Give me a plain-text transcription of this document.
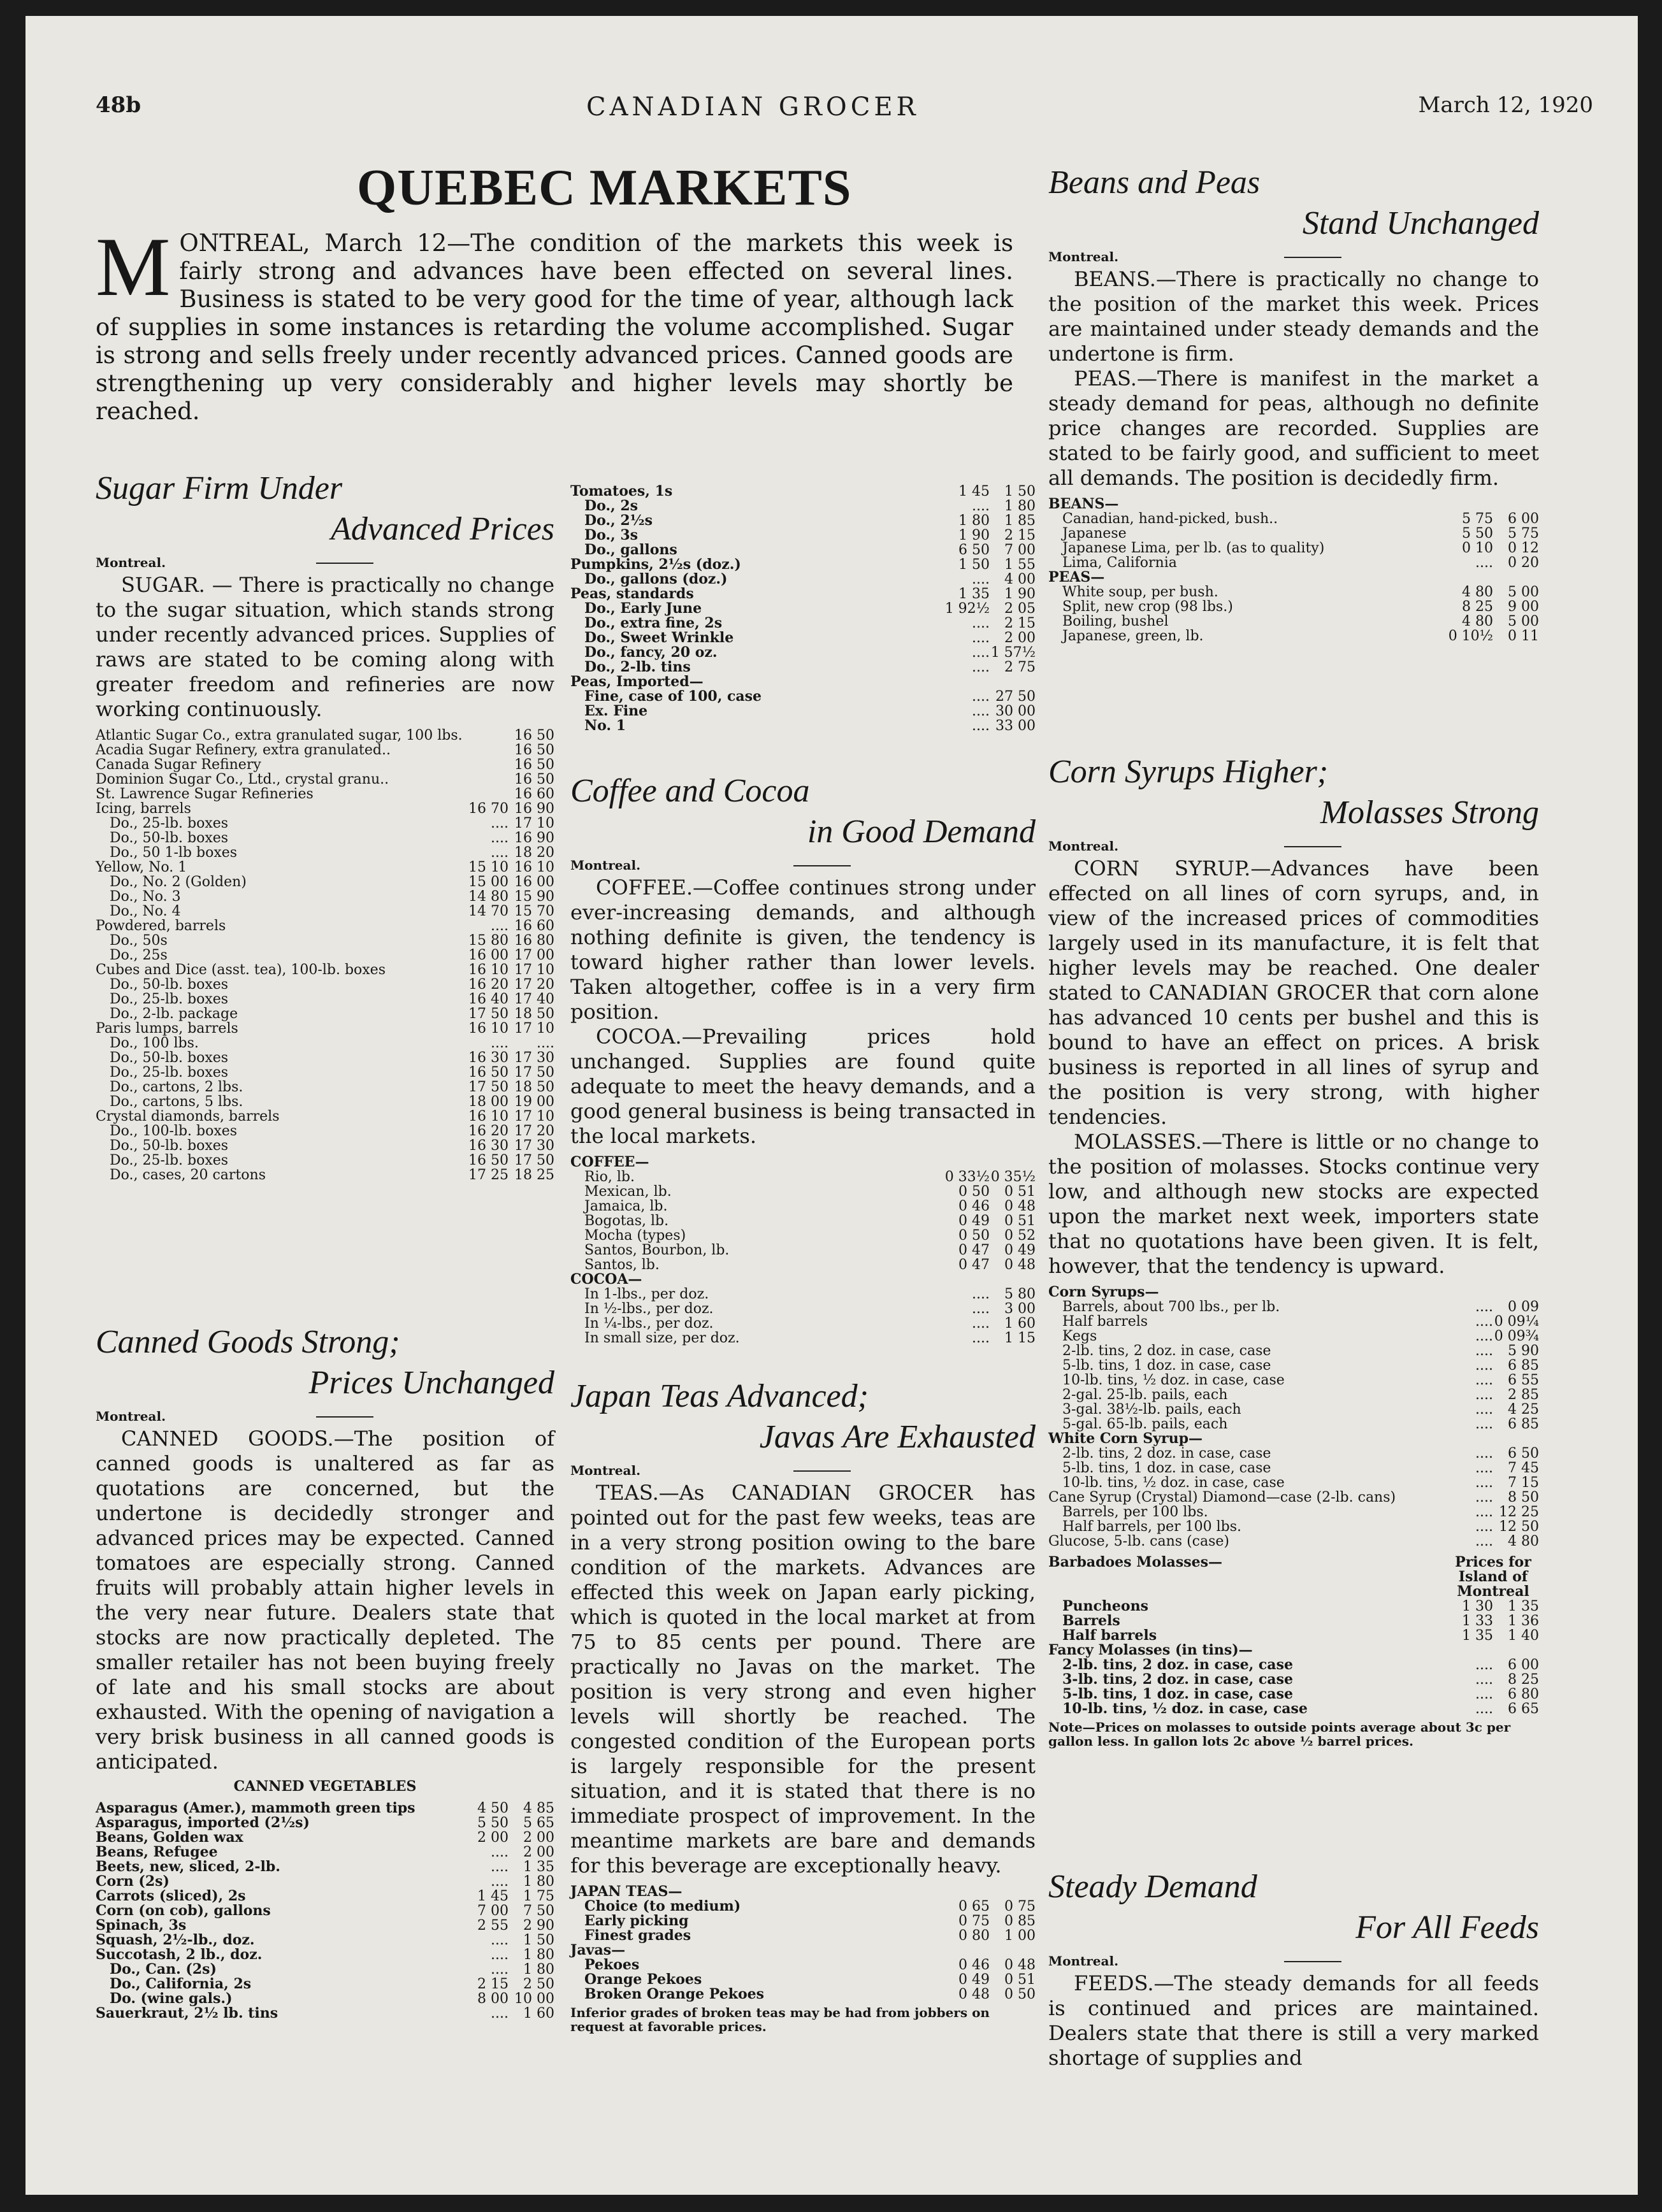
48b	CANADIAN GROCER	March 12, 1920
QUEBEC MARKETS
MONTREAL, March 12—The condition of the markets this week is fairly strong and advances have been effected on several lines. Business is stated to be very good for the time of year, although lack of supplies in some instances is retarding the volume accomplished. Sugar is strong and sells freely under recently advanced prices. Canned goods are strengthening up very considerably and higher levels may shortly be reached.
Sugar Firm Under
Advanced Prices
Montreal.

SUGAR. — There is practically no change to the sugar situation, which stands strong under recently advanced prices. Supplies of raws are stated to be coming along with greater freedom and refineries are now working continuously.

Atlantic Sugar Co., extra granulated sugar, 100 lbs.		16 50
Acadia Sugar Refinery, extra granulated..		16 50
Canada Sugar Refinery		16 50
Dominion Sugar Co., Ltd., crystal granu..		16 50
St. Lawrence Sugar Refineries		16 60
Icing, barrels	16 70	16 90
Do., 25-lb. boxes	....	17 10
Do., 50-lb. boxes	....	16 90
Do., 50 1-lb boxes	....	18 20
Yellow, No. 1	15 10	16 10
Do., No. 2 (Golden)	15 00	16 00
Do., No. 3	14 80	15 90
Do., No. 4	14 70	15 70
Powdered, barrels	....	16 60
Do., 50s	15 80	16 80
Do., 25s	16 00	17 00
Cubes and Dice (asst. tea), 100-lb. boxes	16 10	17 10
Do., 50-lb. boxes	16 20	17 20
Do., 25-lb. boxes	16 40	17 40
Do., 2-lb. package	17 50	18 50
Paris lumps, barrels	16 10	17 10
Do., 100 lbs.	....	....
Do., 50-lb. boxes	16 30	17 30
Do., 25-lb. boxes	16 50	17 50
Do., cartons, 2 lbs.	17 50	18 50
Do., cartons, 5 lbs.	18 00	19 00
Crystal diamonds, barrels	16 10	17 10
Do., 100-lb. boxes	16 20	17 20
Do., 50-lb. boxes	16 30	17 30
Do., 25-lb. boxes	16 50	17 50
Do., cases, 20 cartons	17 25	18 25
Canned Goods Strong;
Prices Unchanged
Montreal.

CANNED GOODS.—The position of canned goods is unaltered as far as quotations are concerned, but the undertone is decidedly stronger and advanced prices may be expected. Canned tomatoes are especially strong. Canned fruits will probably attain higher levels in the very near future. Dealers state that stocks are now practically depleted. The smaller retailer has not been buying freely of late and his small stocks are about exhausted. With the opening of navigation a very brisk business in all canned goods is anticipated.

CANNED VEGETABLES
Asparagus (Amer.), mammoth green tips	4 50	4 85
Asparagus, imported (2½s)	5 50	5 65
Beans, Golden wax	2 00	2 00
Beans, Refugee	....	2 00
Beets, new, sliced, 2-lb.	....	1 35
Corn (2s)	....	1 80
Carrots (sliced), 2s	1 45	1 75
Corn (on cob), gallons	7 00	7 50
Spinach, 3s	2 55	2 90
Squash, 2½-lb., doz.	....	1 50
Succotash, 2 lb., doz.	....	1 80
Do., Can. (2s)	....	1 80
Do., California, 2s	2 15	2 50
Do. (wine gals.)	8 00	10 00
Sauerkraut, 2½ lb. tins	....	1 60
Tomatoes, 1s	1 45	1 50
Do., 2s	....	1 80
Do., 2½s	1 80	1 85
Do., 3s	1 90	2 15
Do., gallons	6 50	7 00
Pumpkins, 2½s (doz.)	1 50	1 55
Do., gallons (doz.)	....	4 00
Peas, standards	1 35	1 90
Do., Early June	1 92½	2 05
Do., extra fine, 2s	....	2 15
Do., Sweet Wrinkle	....	2 00
Do., fancy, 20 oz.	....	1 57½
Do., 2-lb. tins	....	2 75
Peas, Imported—		
Fine, case of 100, case	....	27 50
Ex. Fine	....	30 00
No. 1	....	33 00
Coffee and Cocoa
in Good Demand
Montreal.

COFFEE.—Coffee continues strong under ever-increasing demands, and although nothing definite is given, the tendency is toward higher rather than lower levels. Taken altogether, coffee is in a very firm position.

COCOA.—Prevailing prices hold unchanged. Supplies are found quite adequate to meet the heavy demands, and a good general business is being transacted in the local markets.

COFFEE—		
Rio, lb.	0 33½	0 35½
Mexican, lb.	0 50	0 51
Jamaica, lb.	0 46	0 48
Bogotas, lb.	0 49	0 51
Mocha (types)	0 50	0 52
Santos, Bourbon, lb.	0 47	0 49
Santos, lb.	0 47	0 48
COCOA—		
In 1-lbs., per doz.	....	5 80
In ½-lbs., per doz.	....	3 00
In ¼-lbs., per doz.	....	1 60
In small size, per doz.	....	1 15
Japan Teas Advanced;
Javas Are Exhausted
Montreal.

TEAS.—As CANADIAN GROCER has pointed out for the past few weeks, teas are in a very strong position owing to the bare condition of the markets. Advances are effected this week on Japan early picking, which is quoted in the local market at from 75 to 85 cents per pound. There are practically no Javas on the market. The position is very strong and even higher levels will shortly be reached. The congested condition of the European ports is largely responsible for the present situation, and it is stated that there is no immediate prospect of improvement. In the meantime markets are bare and demands for this beverage are exceptionally heavy.

JAPAN TEAS—		
Choice (to medium)	0 65	0 75
Early picking	0 75	0 85
Finest grades	0 80	1 00
Javas—		
Pekoes	0 46	0 48
Orange Pekoes	0 49	0 51
Broken Orange Pekoes	0 48	0 50
Inferior grades of broken teas may be had from jobbers on request at favorable prices.
Beans and Peas
Stand Unchanged
Montreal.

BEANS.—There is practically no change to the position of the market this week. Prices are maintained under steady demands and the undertone is firm.

PEAS.—There is manifest in the market a steady demand for peas, although no definite price changes are recorded. Supplies are stated to be fairly good, and sufficient to meet all demands. The position is decidedly firm.

BEANS—		
Canadian, hand-picked, bush..	5 75	6 00
Japanese	5 50	5 75
Japanese Lima, per lb. (as to quality)	0 10	0 12
Lima, California	....	0 20
PEAS—		
White soup, per bush.	4 80	5 00
Split, new crop (98 lbs.)	8 25	9 00
Boiling, bushel	4 80	5 00
Japanese, green, lb.	0 10½	0 11
Corn Syrups Higher;
Molasses Strong
Montreal.

CORN SYRUP.—Advances have been effected on all lines of corn syrups, and, in view of the increased prices of commodities largely used in its manufacture, it is felt that higher levels may be reached. One dealer stated to CANADIAN GROCER that corn alone has advanced 10 cents per bushel and this is bound to have an effect on prices. A brisk business is reported in all lines of syrup and the position is very strong, with higher tendencies.

MOLASSES.—There is little or no change to the position of molasses. Stocks continue very low, and although new stocks are expected upon the market next week, importers state that no quotations have been given. It is felt, however, that the tendency is upward.

Corn Syrups—		
Barrels, about 700 lbs., per lb.	....	0 09
Half barrels	....	0 09¼
Kegs	....	0 09¾
2-lb. tins, 2 doz. in case, case	....	5 90
5-lb. tins, 1 doz. in case, case	....	6 85
10-lb. tins, ½ doz. in case, case	....	6 55
2-gal. 25-lb. pails, each	....	2 85
3-gal. 38½-lb. pails, each	....	4 25
5-gal. 65-lb. pails, each	....	6 85
White Corn Syrup—		
2-lb. tins, 2 doz. in case, case	....	6 50
5-lb. tins, 1 doz. in case, case	....	7 45
10-lb. tins, ½ doz. in case, case	....	7 15
Cane Syrup (Crystal) Diamond—case (2-lb. cans)	....	8 50
Barrels, per 100 lbs.	....	12 25
Half barrels, per 100 lbs.	....	12 50
Glucose, 5-lb. cans (case)	....	4 80
Barbadoes Molasses—	Prices for Island of Montreal	
Puncheons	1 30	1 35
Barrels	1 33	1 36
Half barrels	1 35	1 40
Fancy Molasses (in tins)—		
2-lb. tins, 2 doz. in case, case	....	6 00
3-lb. tins, 2 doz. in case, case	....	8 25
5-lb. tins, 1 doz. in case, case	....	6 80
10-lb. tins, ½ doz. in case, case	....	6 65
Note—Prices on molasses to outside points average about 3c per gallon less. In gallon lots 2c above ½ barrel prices.
Steady Demand
For All Feeds
Montreal.

FEEDS.—The steady demands for all feeds is continued and prices are maintained. Dealers state that there is still a very marked shortage of supplies and
